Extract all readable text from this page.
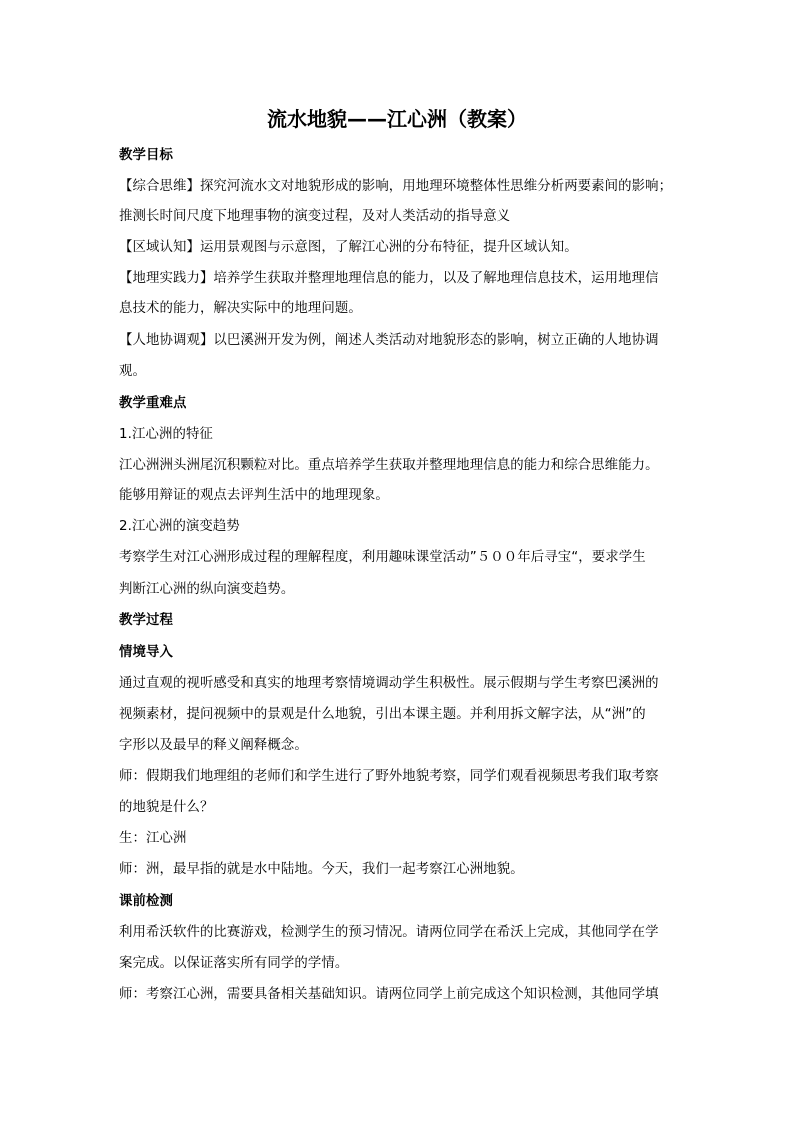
流水地貌——江心洲（教案）
教学目标
【综合思维】探究河流水文对地貌形成的影响，用地理环境整体性思维分析两要素间的影响；
推测长时间尺度下地理事物的演变过程，及对人类活动的指导意义
【区域认知】运用景观图与示意图，了解江心洲的分布特征，提升区域认知。
【地理实践力】培养学生获取并整理地理信息的能力，以及了解地理信息技术，运用地理信
息技术的能力，解决实际中的地理问题。
【人地协调观】以巴溪洲开发为例，阐述人类活动对地貌形态的影响，树立正确的人地协调
观。
教学重难点
1.江心洲的特征
江心洲洲头洲尾沉积颗粒对比。重点培养学生获取并整理地理信息的能力和综合思维能力。
能够用辩证的观点去评判生活中的地理现象。
2.江心洲的演变趋势
考察学生对江心洲形成过程的理解程度，利用趣味课堂活动”５００年后寻宝“，要求学生
判断江心洲的纵向演变趋势。
教学过程
情境导入
通过直观的视听感受和真实的地理考察情境调动学生积极性。展示假期与学生考察巴溪洲的
视频素材，提问视频中的景观是什么地貌，引出本课主题。并利用拆文解字法，从“洲”的
字形以及最早的释义阐释概念。
师：假期我们地理组的老师们和学生进行了野外地貌考察，同学们观看视频思考我们取考察
的地貌是什么？
生：江心洲
师：洲，最早指的就是水中陆地。今天，我们一起考察江心洲地貌。
课前检测
利用希沃软件的比赛游戏，检测学生的预习情况。请两位同学在希沃上完成，其他同学在学
案完成。以保证落实所有同学的学情。
师：考察江心洲，需要具备相关基础知识。请两位同学上前完成这个知识检测，其他同学填
